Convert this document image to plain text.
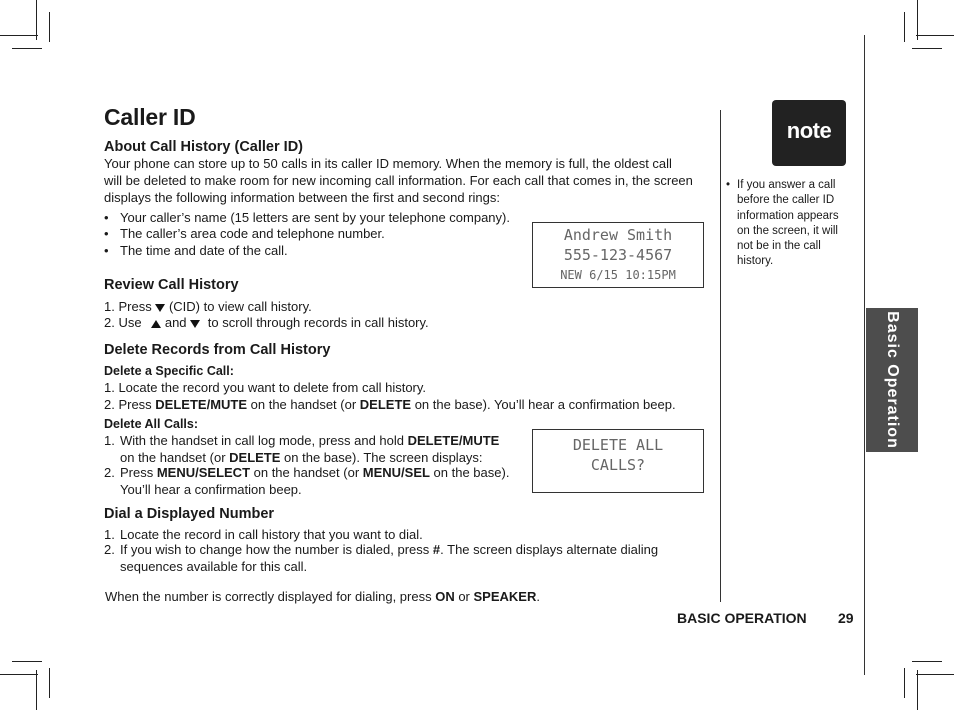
Caller ID
About Call History (Caller ID)
Your phone can store up to 50 calls in its caller ID memory. When the memory is full, the oldest call
will be deleted to make room for new incoming call information. For each call that comes in, the screen
displays the following information between the first and second rings:
• Your caller’s name (15 letters are sent by your telephone company).
• The caller’s area code and telephone number.
• The time and date of the call.
Andrew Smith
555-123-4567
NEW 6/15 10:15PM
Review Call History
1. Press (CID) to view call history.
2. Use and to scroll through records in call history.
Delete Records from Call History
Delete a Specific Call:
1. Locate the record you want to delete from call history.
2. Press DELETE/MUTE on the handset (or DELETE on the base). You’ll hear a confirmation beep.
Delete All Calls:
1. With the handset in call log mode, press and hold DELETE/MUTE
on the handset (or DELETE on the base). The screen displays:
2. Press MENU/SELECT on the handset (or MENU/SEL on the base).
You’ll hear a confirmation beep.
DELETE ALL
CALLS?
Dial a Displayed Number
1. Locate the record in call history that you want to dial.
2. If you wish to change how the number is dialed, press #. The screen displays alternate dialing
sequences available for this call.
When the number is correctly displayed for dialing, press ON or SPEAKER.
note
• If you answer a call before the caller ID information appears on the screen, it will not be in the call history.
Basic Operation
BASIC OPERATION 29
